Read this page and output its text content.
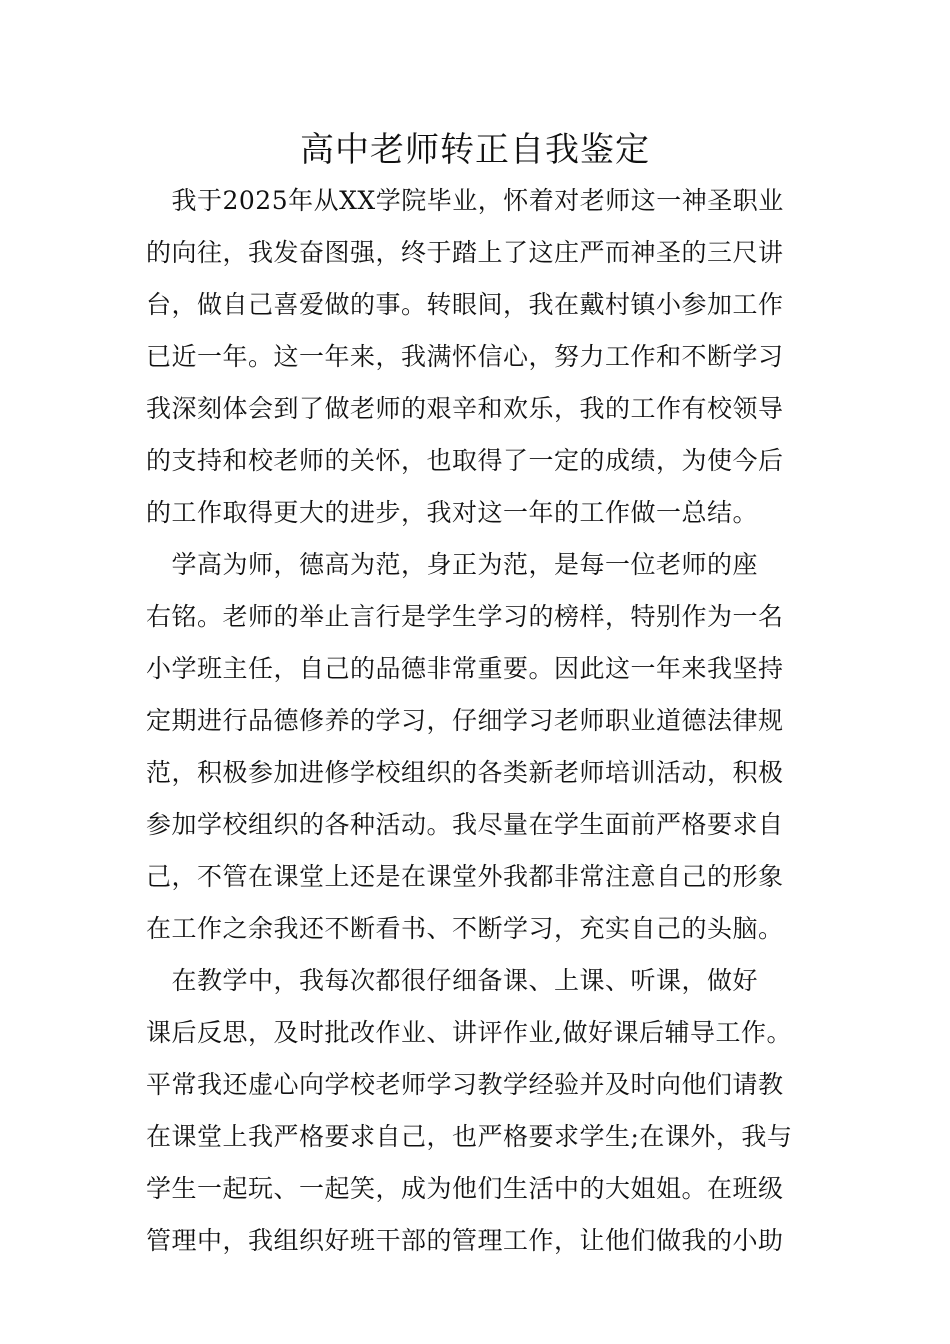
高中老师转正自我鉴定
　我于2025年从XX学院毕业，怀着对老师这一神圣职业
的向往，我发奋图强，终于踏上了这庄严而神圣的三尺讲
台，做自己喜爱做的事。转眼间，我在戴村镇小参加工作
已近一年。这一年来，我满怀信心，努力工作和不断学习
我深刻体会到了做老师的艰辛和欢乐，我的工作有校领导
的支持和校老师的关怀，也取得了一定的成绩，为使今后
的工作取得更大的进步，我对这一年的工作做一总结。
　学高为师，德高为范，身正为范，是每一位老师的座
右铭。老师的举止言行是学生学习的榜样，特别作为一名
小学班主任，自己的品德非常重要。因此这一年来我坚持
定期进行品德修养的学习，仔细学习老师职业道德法律规
范，积极参加进修学校组织的各类新老师培训活动，积极
参加学校组织的各种活动。我尽量在学生面前严格要求自
己，不管在课堂上还是在课堂外我都非常注意自己的形象
在工作之余我还不断看书、不断学习，充实自己的头脑。
　在教学中，我每次都很仔细备课、上课、听课，做好
课后反思，及时批改作业、讲评作业,做好课后辅导工作。
平常我还虚心向学校老师学习教学经验并及时向他们请教
在课堂上我严格要求自己，也严格要求学生;在课外，我与
学生一起玩、一起笑，成为他们生活中的大姐姐。在班级
管理中，我组织好班干部的管理工作，让他们做我的小助
